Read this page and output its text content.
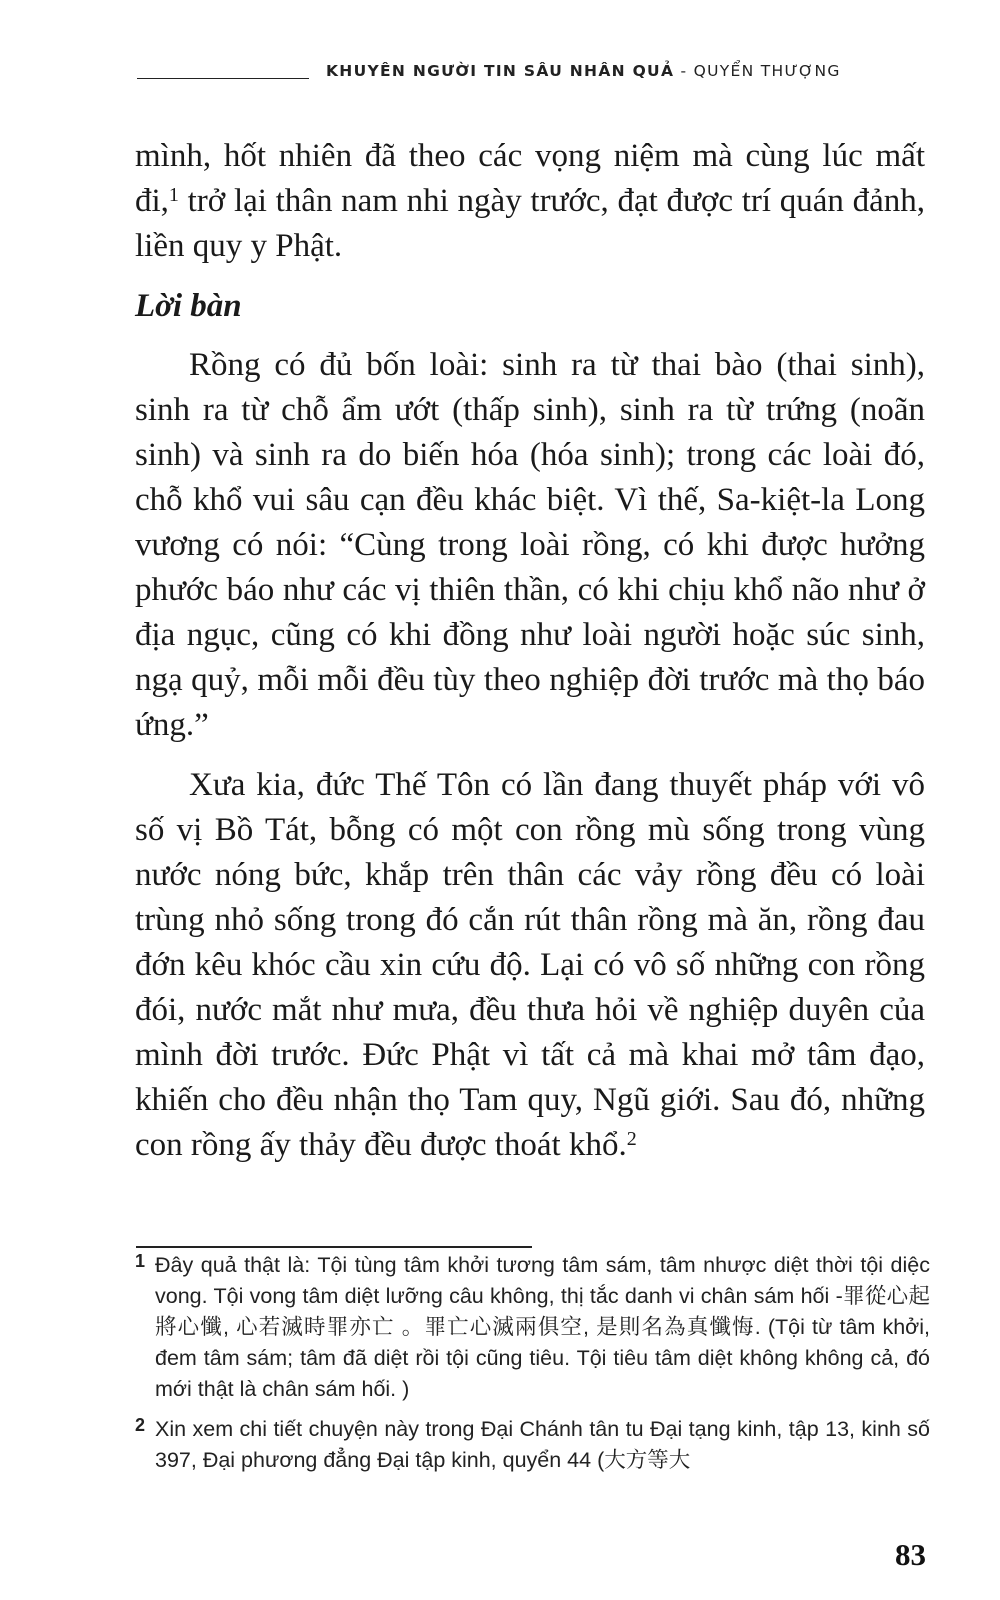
KHUYÊN NGƯỜI TIN SÂU NHÂN QUẢ - QUYỂN THƯỢNG

mình, hốt nhiên đã theo các vọng niệm mà cùng lúc mất đi,$^1$ trở lại thân nam nhi ngày trước, đạt được trí quán đảnh, liền quy y Phật.

Lời bàn

Rồng có đủ bốn loài: sinh ra từ thai bào (thai sinh), sinh ra từ chỗ ẩm ướt (thấp sinh), sinh ra từ trứng (noãn sinh) và sinh ra do biến hóa (hóa sinh); trong các loài đó, chỗ khổ vui sâu cạn đều khác biệt. Vì thế, Sa-kiệt-la Long vương có nói: “Cùng trong loài rồng, có khi được hưởng phước báo như các vị thiên thần, có khi chịu khổ não như ở địa ngục, cũng có khi đồng như loài người hoặc súc sinh, ngạ quỷ, mỗi mỗi đều tùy theo nghiệp đời trước mà thọ báo ứng.”

Xưa kia, đức Thế Tôn có lần đang thuyết pháp với vô số vị Bồ Tát, bỗng có một con rồng mù sống trong vùng nước nóng bức, khắp trên thân các vảy rồng đều có loài trùng nhỏ sống trong đó cắn rút thân rồng mà ăn, rồng đau đớn kêu khóc cầu xin cứu độ. Lại có vô số những con rồng đói, nước mắt như mưa, đều thưa hỏi về nghiệp duyên của mình đời trước. Đức Phật vì tất cả mà khai mở tâm đạo, khiến cho đều nhận thọ Tam quy, Ngũ giới. Sau đó, những con rồng ấy thảy đều được thoát khổ.$^2$

1 Đây quả thật là: Tội tùng tâm khởi tương tâm sám, tâm nhược diệt thời tội diệc vong. Tội vong tâm diệt lưỡng câu không, thị tắc danh vi chân sám hối -罪從心起將心懺, 心若滅時罪亦亡 。罪亡心滅兩俱空, 是則名為真懺悔. (Tội từ tâm khởi, đem tâm sám; tâm đã diệt rồi tội cũng tiêu. Tội tiêu tâm diệt không không cả, đó mới thật là chân sám hối. )
2 Xin xem chi tiết chuyện này trong Đại Chánh tân tu Đại tạng kinh, tập 13, kinh số 397, Đại phương đẳng Đại tập kinh, quyển 44 (大方等大
83
